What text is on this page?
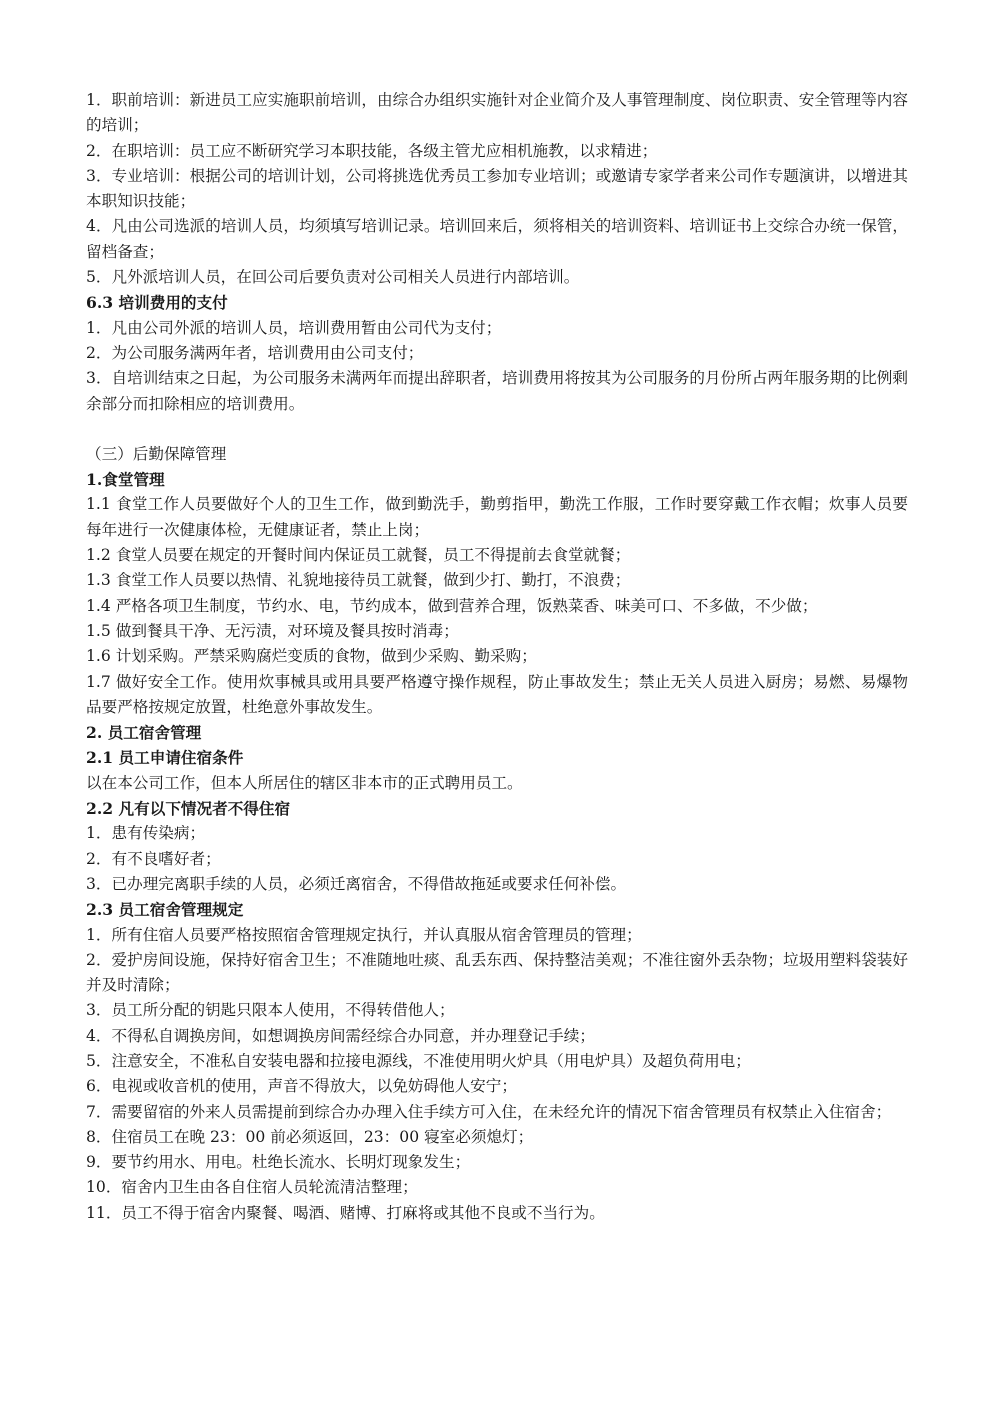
1．职前培训：新进员工应实施职前培训，由综合办组织实施针对企业简介及人事管理制度、岗位职责、安全管理等内容的培训；

2．在职培训：员工应不断研究学习本职技能，各级主管尤应相机施教，以求精进；

3．专业培训：根据公司的培训计划，公司将挑选优秀员工参加专业培训；或邀请专家学者来公司作专题演讲，以增进其本职知识技能；

4．凡由公司选派的培训人员，均须填写培训记录。培训回来后，须将相关的培训资料、培训证书上交综合办统一保管，留档备查；

5．凡外派培训人员，在回公司后要负责对公司相关人员进行内部培训。

6.3 培训费用的支付

1．凡由公司外派的培训人员，培训费用暂由公司代为支付；

2．为公司服务满两年者，培训费用由公司支付；

3．自培训结束之日起，为公司服务未满两年而提出辞职者，培训费用将按其为公司服务的月份所占两年服务期的比例剩余部分而扣除相应的培训费用。

（三）后勤保障管理

1.食堂管理

1.1 食堂工作人员要做好个人的卫生工作，做到勤洗手，勤剪指甲，勤洗工作服，工作时要穿戴工作衣帽；炊事人员要每年进行一次健康体检，无健康证者，禁止上岗；

1.2 食堂人员要在规定的开餐时间内保证员工就餐，员工不得提前去食堂就餐；

1.3 食堂工作人员要以热情、礼貌地接待员工就餐，做到少打、勤打，不浪费；

1.4 严格各项卫生制度，节约水、电，节约成本，做到营养合理，饭熟菜香、味美可口、不多做，不少做；

1.5 做到餐具干净、无污渍，对环境及餐具按时消毒；

1.6 计划采购。严禁采购腐烂变质的食物，做到少采购、勤采购；

1.7 做好安全工作。使用炊事械具或用具要严格遵守操作规程，防止事故发生；禁止无关人员进入厨房；易燃、易爆物品要严格按规定放置，杜绝意外事故发生。

2. 员工宿舍管理

2.1 员工申请住宿条件

以在本公司工作，但本人所居住的辖区非本市的正式聘用员工。

2.2 凡有以下情况者不得住宿

1．患有传染病；

2．有不良嗜好者；

3．已办理完离职手续的人员，必须迁离宿舍，不得借故拖延或要求任何补偿。

2.3 员工宿舍管理规定

1．所有住宿人员要严格按照宿舍管理规定执行，并认真服从宿舍管理员的管理；

2．爱护房间设施，保持好宿舍卫生；不准随地吐痰、乱丢东西、保持整洁美观；不准往窗外丢杂物；垃圾用塑料袋装好并及时清除；

3．员工所分配的钥匙只限本人使用，不得转借他人；

4．不得私自调换房间，如想调换房间需经综合办同意，并办理登记手续；

5．注意安全，不准私自安装电器和拉接电源线，不准使用明火炉具（用电炉具）及超负荷用电；

6．电视或收音机的使用，声音不得放大，以免妨碍他人安宁；

7．需要留宿的外来人员需提前到综合办办理入住手续方可入住，在未经允许的情况下宿舍管理员有权禁止入住宿舍；

8．住宿员工在晚 23：00 前必须返回，23：00 寝室必须熄灯；

9．要节约用水、用电。杜绝长流水、长明灯现象发生；

10．宿舍内卫生由各自住宿人员轮流清洁整理；

11．员工不得于宿舍内聚餐、喝酒、赌博、打麻将或其他不良或不当行为。
